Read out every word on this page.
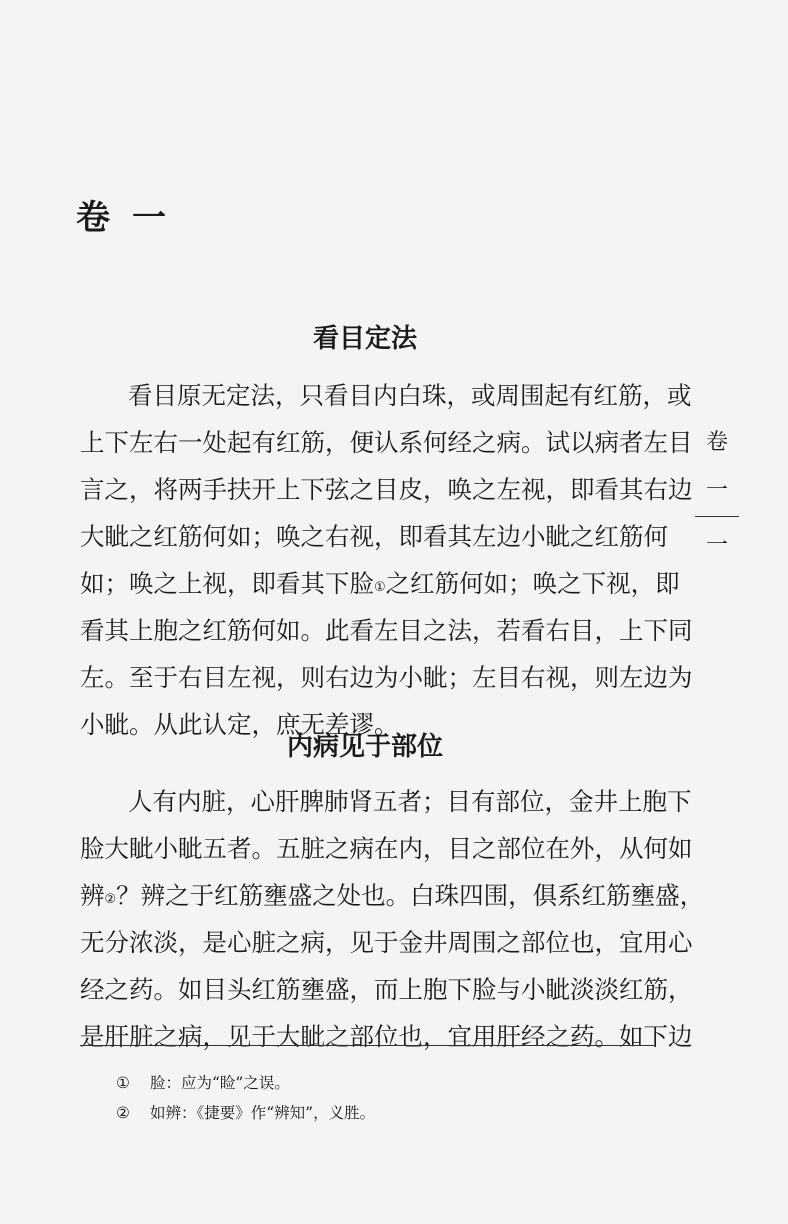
卷一
看目定法
看目原无定法，只看目内白珠，或周围起有红筋，或
上下左右一处起有红筋，便认系何经之病。试以病者左目
言之，将两手扶开上下弦之目皮，唤之左视，即看其右边
大眦之红筋何如；唤之右视，即看其左边小眦之红筋何
如；唤之上视，即看其下脸①之红筋何如；唤之下视，即
看其上胞之红筋何如。此看左目之法，若看右目，上下同
左。至于右目左视，则右边为小眦；左目右视，则左边为
小眦。从此认定，庶无差谬。
内病见于部位
人有内脏，心肝脾肺肾五者；目有部位，金井上胞下
脸大眦小眦五者。五脏之病在内，目之部位在外，从何如
辨②？辨之于红筋壅盛之处也。白珠四围，俱系红筋壅盛，
无分浓淡，是心脏之病，见于金井周围之部位也，宜用心
经之药。如目头红筋壅盛，而上胞下脸与小眦淡淡红筋，
是肝脏之病，见于大眦之部位也，宜用肝经之药。如下边
① 脸：应为“睑”之误。
② 如辨：《捷要》作“辨知”，义胜。
卷
一
一
